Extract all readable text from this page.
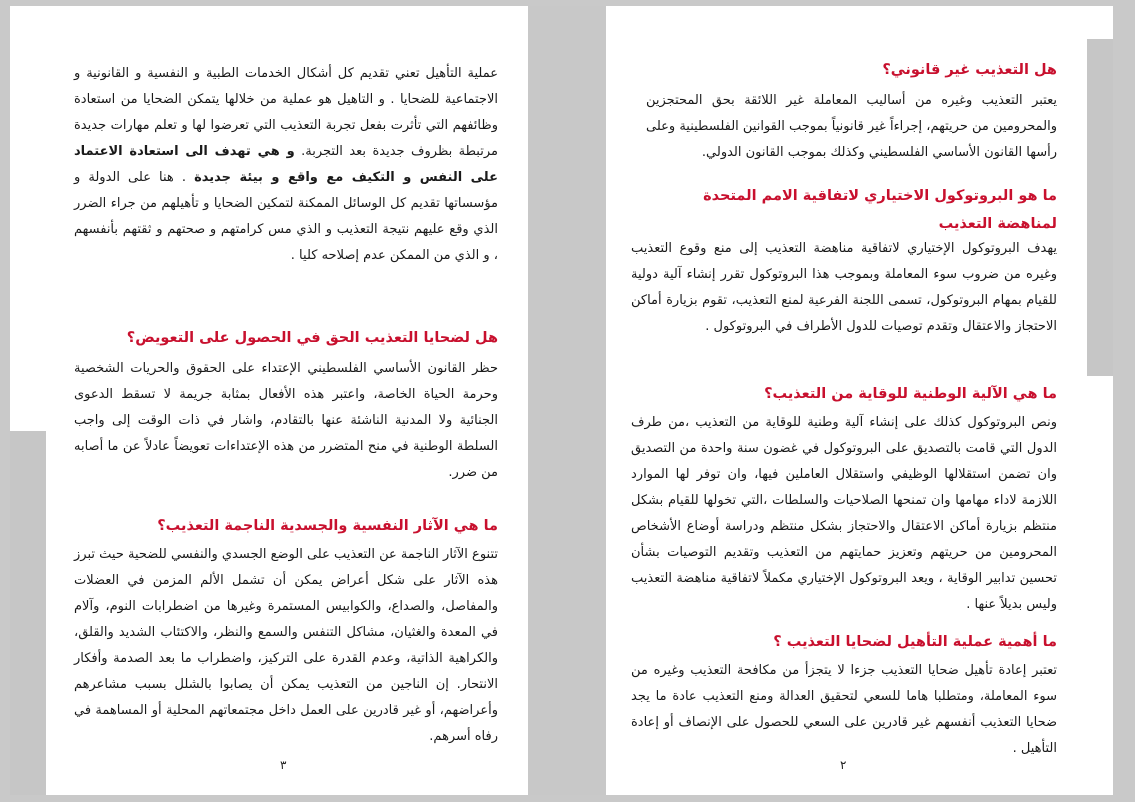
عملية التأهيل تعني تقديم كل أشكال الخدمات الطبية و النفسية و القانونية و الاجتماعية للضحايا . و التاهيل هو عملية من خلالها يتمكن الضحايا من استعادة وظائفهم التي تأثرت بفعل تجربة التعذيب التي تعرضوا لها و تعلم مهارات جديدة مرتبطة بظروف جديدة بعد التجربة. و هي تهدف الى استعادة الاعتماد على النفس و التكيف مع واقع و بيئة جديدة . هنا على الدولة و مؤسساتها تقديم كل الوسائل الممكنة لتمكين الضحايا و تأهيلهم من جراء الضرر الذي وقع عليهم نتيجة التعذيب و الذي مس كرامتهم و صحتهم و ثقتهم بأنفسهم ، و الذي من الممكن عدم إصلاحه كليا .

هل لضحايا التعذيب الحق في الحصول على التعويض؟

حظر القانون الأساسي الفلسطيني الإعتداء على الحقوق والحريات الشخصية وحرمة الحياة الخاصة، واعتبر هذه الأفعال بمثابة جريمة لا تسقط الدعوى الجنائية ولا المدنية الناشئة عنها بالتقادم، واشار في ذات الوقت إلى واجب السلطة الوطنية في منح المتضرر من هذه الإعتداءات تعويضاً عادلاً عن ما أصابه من ضرر.

ما هي الآثار النفسية والجسدية الناجمة التعذيب؟

تتنوع الآثار الناجمة عن التعذيب على الوضع الجسدي والنفسي للضحية حيث تبرز هذه الآثار على شكل أعراض يمكن أن تشمل الألم المزمن في العضلات والمفاصل، والصداع، والكوابيس المستمرة وغيرها من اضطرابات النوم، وآلام في المعدة والغثيان، مشاكل التنفس والسمع والنظر، والاكتئاب الشديد والقلق، والكراهية الذاتية، وعدم القدرة على التركيز، واضطراب ما بعد الصدمة وأفكار الانتحار. إن الناجين من التعذيب يمكن أن يصابوا بالشلل بسبب مشاعرهم وأعراضهم، أو غير قادرين على العمل داخل مجتمعاتهم المحلية أو المساهمة في رفاه أسرهم.

٣
هل التعذيب غير قانوني؟

يعتبر التعذيب وغيره من أساليب المعاملة غير اللائقة بحق المحتجزين والمحرومين من حريتهم، إجراءاً غير قانونياً بموجب القوانين الفلسطينية وعلى رأسها القانون الأساسي الفلسطيني وكذلك بموجب القانون الدولي.

ما هو البروتوكول الاختياري لاتفاقية الامم المتحدة لمناهضة التعذيب

يهدف البروتوكول الإختياري لاتفاقية مناهضة التعذيب إلى منع وقوع التعذيب وغيره من ضروب سوء المعاملة وبموجب هذا البروتوكول تقرر إنشاء آلية دولية للقيام بمهام البروتوكول، تسمى اللجنة الفرعية لمنع التعذيب، تقوم بزيارة أماكن الاحتجاز والاعتقال وتقدم توصيات للدول الأطراف في البروتوكول .

ما هي الآلية الوطنية للوقاية من التعذيب؟

ونص البروتوكول كذلك على إنشاء آلية وطنية للوقاية من التعذيب ،من طرف الدول التي قامت بالتصديق على البروتوكول في غضون سنة واحدة من التصديق وان تضمن استقلالها الوظيفي واستقلال العاملين فيها، وان توفر لها الموارد اللازمة لاداء مهامها وان تمنحها الصلاحيات والسلطات ،التي تخولها للقيام بشكل منتظم بزيارة أماكن الاعتقال والاحتجاز بشكل منتظم ودراسة أوضاع الأشخاص المحرومين من حريتهم وتعزيز حمايتهم من التعذيب وتقديم التوصيات بشأن تحسين تدابير الوقاية ، ويعد البروتوكول الإختياري مكملاً لاتفاقية مناهضة التعذيب وليس بديلاً عنها .

ما أهمية عملية التأهيل لضحايا التعذيب ؟

تعتبر إعادة تأهيل ضحايا التعذيب جزءا لا يتجزأ من مكافحة التعذيب وغيره من سوء المعاملة، ومتطلبا هاما للسعي لتحقيق العدالة ومنع التعذيب عادة ما يجد ضحايا التعذيب أنفسهم غير قادرين على السعي للحصول على الإنصاف أو إعادة التأهيل .

٢
